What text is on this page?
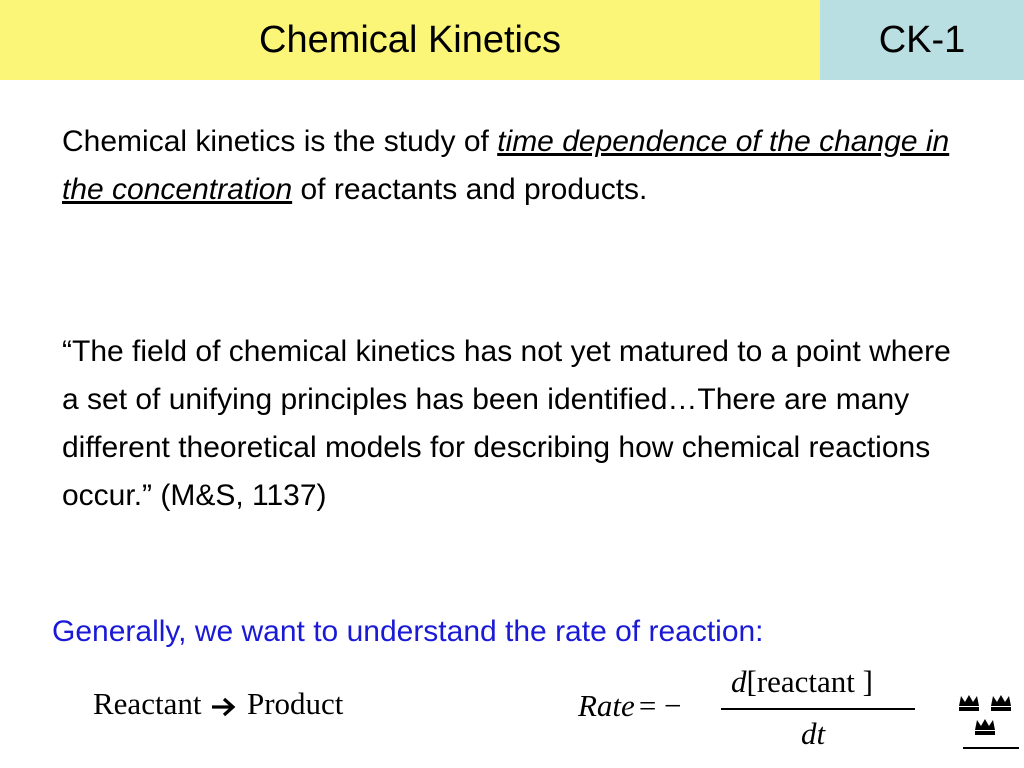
Chemical Kinetics	CK-1

Chemical kinetics is the study of time dependence of the change in the concentration of reactants and products.

“The field of chemical kinetics has not yet matured to a point where a set of unifying principles has been identified…There are many different theoretical models for describing how chemical reactions occur.” (M&S, 1137)

Generally, we want to understand the rate of reaction:
Reactant Product	Rate = −
d[reactant ]
dt
